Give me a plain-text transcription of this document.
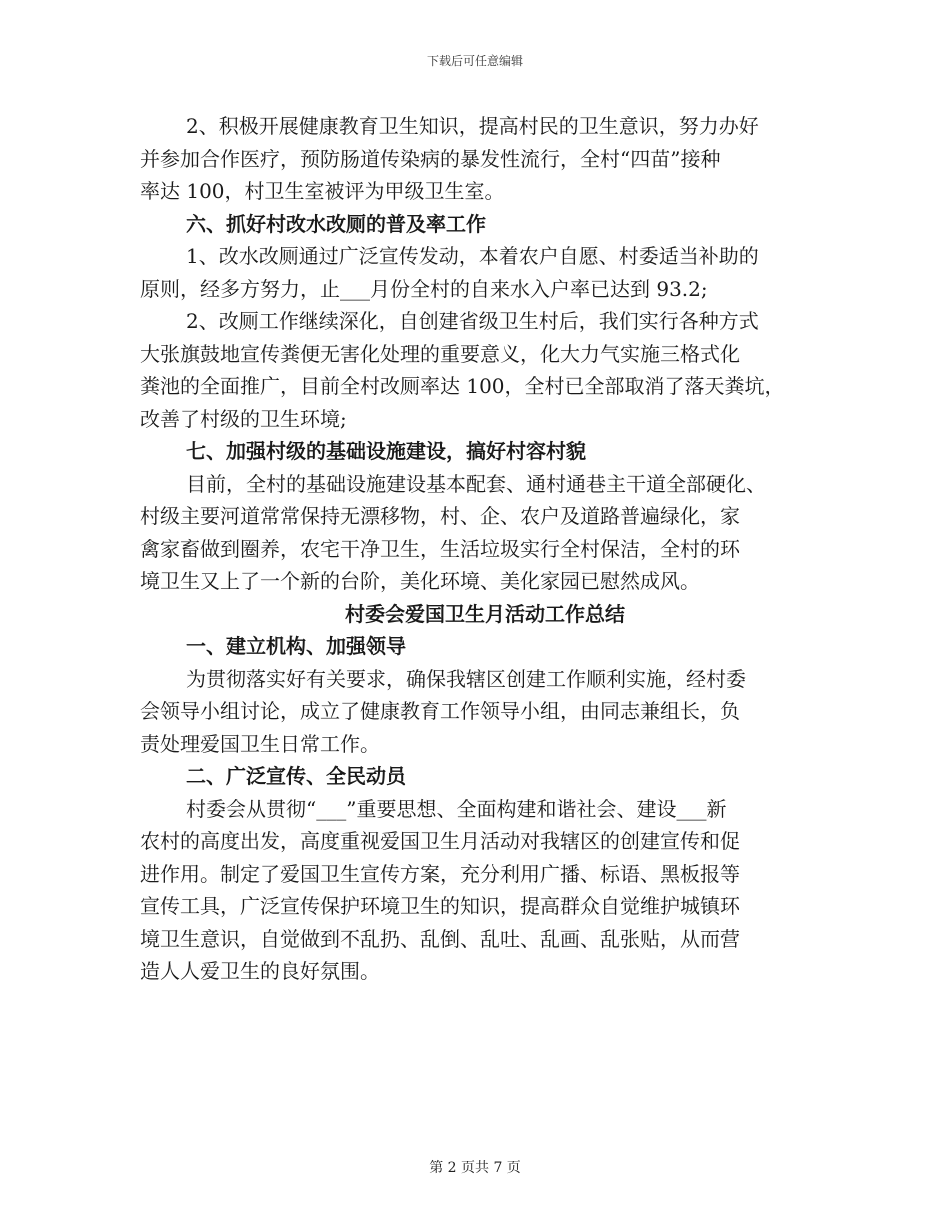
下载后可任意编辑
2、积极开展健康教育卫生知识，提高村民的卫生意识，努力办好
并参加合作医疗，预防肠道传染病的暴发性流行，全村“四苗”接种
率达 100，村卫生室被评为甲级卫生室。
六、抓好村改水改厕的普及率工作
1、改水改厕通过广泛宣传发动，本着农户自愿、村委适当补助的
原则，经多方努力，止___月份全村的自来水入户率已达到 93.2;
2、改厕工作继续深化，自创建省级卫生村后，我们实行各种方式
大张旗鼓地宣传粪便无害化处理的重要意义，化大力气实施三格式化
粪池的全面推广，目前全村改厕率达 100，全村已全部取消了落天粪坑，
改善了村级的卫生环境;
七、加强村级的基础设施建设，搞好村容村貌
目前，全村的基础设施建设基本配套、通村通巷主干道全部硬化、
村级主要河道常常保持无漂移物，村、企、农户及道路普遍绿化，家
禽家畜做到圈养，农宅干净卫生，生活垃圾实行全村保洁，全村的环
境卫生又上了一个新的台阶，美化环境、美化家园已慰然成风。
村委会爱国卫生月活动工作总结
一、建立机构、加强领导
为贯彻落实好有关要求，确保我辖区创建工作顺利实施，经村委
会领导小组讨论，成立了健康教育工作领导小组，由同志兼组长，负
责处理爱国卫生日常工作。
二、广泛宣传、全民动员
村委会从贯彻“___”重要思想、全面构建和谐社会、建设___新
农村的高度出发，高度重视爱国卫生月活动对我辖区的创建宣传和促
进作用。制定了爱国卫生宣传方案，充分利用广播、标语、黑板报等
宣传工具，广泛宣传保护环境卫生的知识，提高群众自觉维护城镇环
境卫生意识，自觉做到不乱扔、乱倒、乱吐、乱画、乱张贴，从而营
造人人爱卫生的良好氛围。
第 2 页共 7 页
